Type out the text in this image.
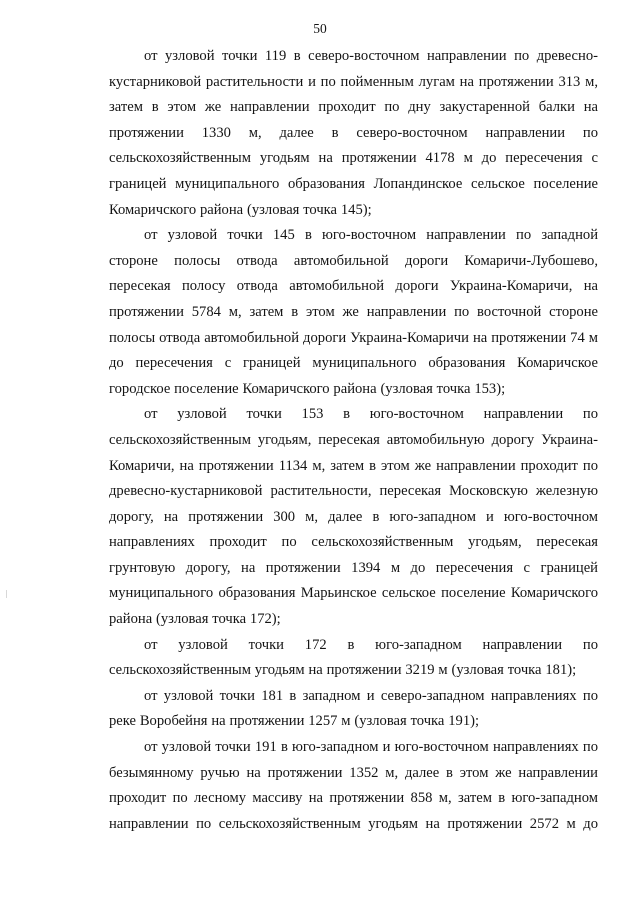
50

от узловой точки 119 в северо-восточном направлении по древесно-кустарниковой растительности и по пойменным лугам на протяжении 313 м, затем в этом же направлении проходит по дну закустаренной балки на протяжении 1330 м, далее в северо-восточном направлении по сельскохозяйственным угодьям на протяжении 4178 м до пересечения с границей муниципального образования Лопандинское сельское поселение Комаричского района (узловая точка 145);

от узловой точки 145 в юго-восточном направлении по западной стороне полосы отвода автомобильной дороги Комаричи-Лубошево, пересекая полосу отвода автомобильной дороги Украина-Комаричи, на протяжении 5784 м, затем в этом же направлении по восточной стороне полосы отвода автомобильной дороги Украина-Комаричи на протяжении 74 м до пересечения с границей муниципального образования Комаричское городское поселение Комаричского района (узловая точка 153);

от узловой точки 153 в юго-восточном направлении по сельскохозяйственным угодьям, пересекая автомобильную дорогу Украина-Комаричи, на протяжении 1134 м, затем в этом же направлении проходит по древесно-кустарниковой растительности, пересекая Московскую железную дорогу, на протяжении 300 м, далее в юго-западном и юго-восточном направлениях проходит по сельскохозяйственным угодьям, пересекая грунтовую дорогу, на протяжении 1394 м до пересечения с границей муниципального образования Марьинское сельское поселение Комаричского района (узловая точка 172);

от узловой точки 172 в юго-западном направлении по сельскохозяйственным угодьям на протяжении 3219 м (узловая точка 181);

от узловой точки 181 в западном и северо-западном направлениях по реке Воробейня на протяжении 1257 м (узловая точка 191);

от узловой точки 191 в юго-западном и юго-восточном направлениях по безымянному ручью на протяжении 1352 м, далее в этом же направлении проходит по лесному массиву на протяжении 858 м, затем в юго-западном направлении по сельскохозяйственным угодьям на протяжении 2572 м до
